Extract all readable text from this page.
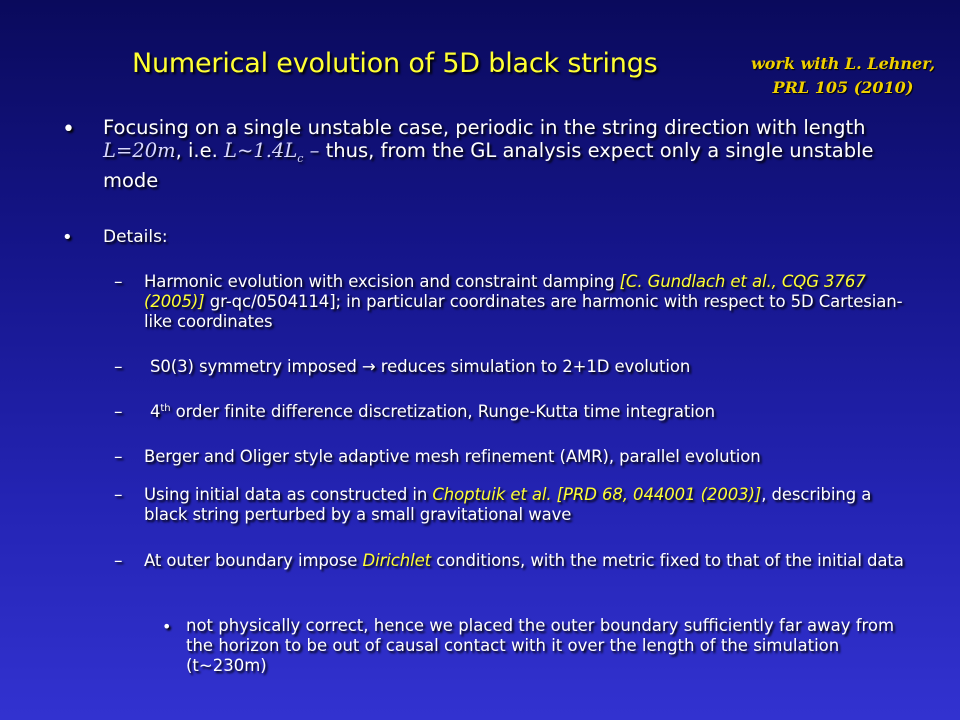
Numerical evolution of 5D black strings	work with L. Lehner,
PRL 105 (2010)
• Focusing on a single unstable case, periodic in the string direction with length L=20m, i.e. $L\sim 1.4L_c$ – thus, from the GL analysis expect only a single unstable mode
• Details:
– Harmonic evolution with excision and constraint damping [C. Gundlach et al., CQG 3767 (2005)] gr-qc/0504114]; in particular coordinates are harmonic with respect to 5D Cartesian-like coordinates
– S0(3) symmetry imposed → reduces simulation to 2+1D evolution
– 4th order finite difference discretization, Runge-Kutta time integration
– Berger and Oliger style adaptive mesh refinement (AMR), parallel evolution
– Using initial data as constructed in Choptuik et al. [PRD 68, 044001 (2003)], describing a black string perturbed by a small gravitational wave
– At outer boundary impose Dirichlet conditions, with the metric fixed to that of the initial data
• not physically correct, hence we placed the outer boundary sufficiently far away from the horizon to be out of causal contact with it over the length of the simulation (t~230m)
